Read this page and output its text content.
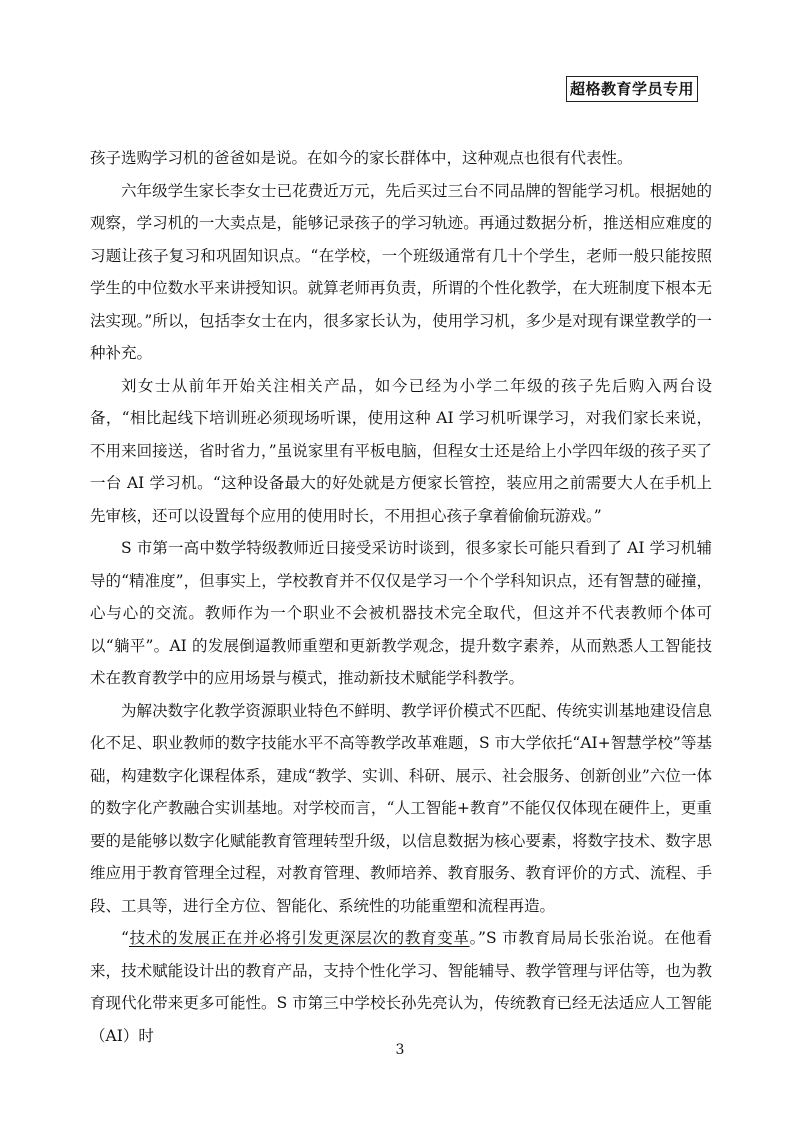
超格教育学员专用

孩子选购学习机的爸爸如是说。在如今的家长群体中，这种观点也很有代表性。

六年级学生家长李女士已花费近万元，先后买过三台不同品牌的智能学习机。根据她的观察，学习机的一大卖点是，能够记录孩子的学习轨迹。再通过数据分析，推送相应难度的习题让孩子复习和巩固知识点。“在学校，一个班级通常有几十个学生，老师一般只能按照学生的中位数水平来讲授知识。就算老师再负责，所谓的个性化教学，在大班制度下根本无法实现。”所以，包括李女士在内，很多家长认为，使用学习机，多少是对现有课堂教学的一种补充。

刘女士从前年开始关注相关产品，如今已经为小学二年级的孩子先后购入两台设备，“相比起线下培训班必须现场听课，使用这种 AI 学习机听课学习，对我们家长来说，不用来回接送，省时省力，”虽说家里有平板电脑，但程女士还是给上小学四年级的孩子买了一台 AI 学习机。“这种设备最大的好处就是方便家长管控，装应用之前需要大人在手机上先审核，还可以设置每个应用的使用时长，不用担心孩子拿着偷偷玩游戏。”

S 市第一高中数学特级教师近日接受采访时谈到，很多家长可能只看到了 AI 学习机辅导的“精准度”，但事实上，学校教育并不仅仅是学习一个个学科知识点，还有智慧的碰撞，心与心的交流。教师作为一个职业不会被机器技术完全取代，但这并不代表教师个体可以“躺平”。AI 的发展倒逼教师重塑和更新教学观念，提升数字素养，从而熟悉人工智能技术在教育教学中的应用场景与模式，推动新技术赋能学科教学。

为解决数字化教学资源职业特色不鲜明、教学评价模式不匹配、传统实训基地建设信息化不足、职业教师的数字技能水平不高等教学改革难题，S 市大学依托“AI+智慧学校”等基础，构建数字化课程体系，建成“教学、实训、科研、展示、社会服务、创新创业”六位一体的数字化产教融合实训基地。对学校而言，“人工智能+教育”不能仅仅体现在硬件上，更重要的是能够以数字化赋能教育管理转型升级，以信息数据为核心要素，将数字技术、数字思维应用于教育管理全过程，对教育管理、教师培养、教育服务、教育评价的方式、流程、手段、工具等，进行全方位、智能化、系统性的功能重塑和流程再造。

“技术的发展正在并必将引发更深层次的教育变革。”S 市教育局局长张治说。在他看来，技术赋能设计出的教育产品，支持个性化学习、智能辅导、教学管理与评估等，也为教育现代化带来更多可能性。S 市第三中学校长孙先亮认为，传统教育已经无法适应人工智能（AI）时

3
